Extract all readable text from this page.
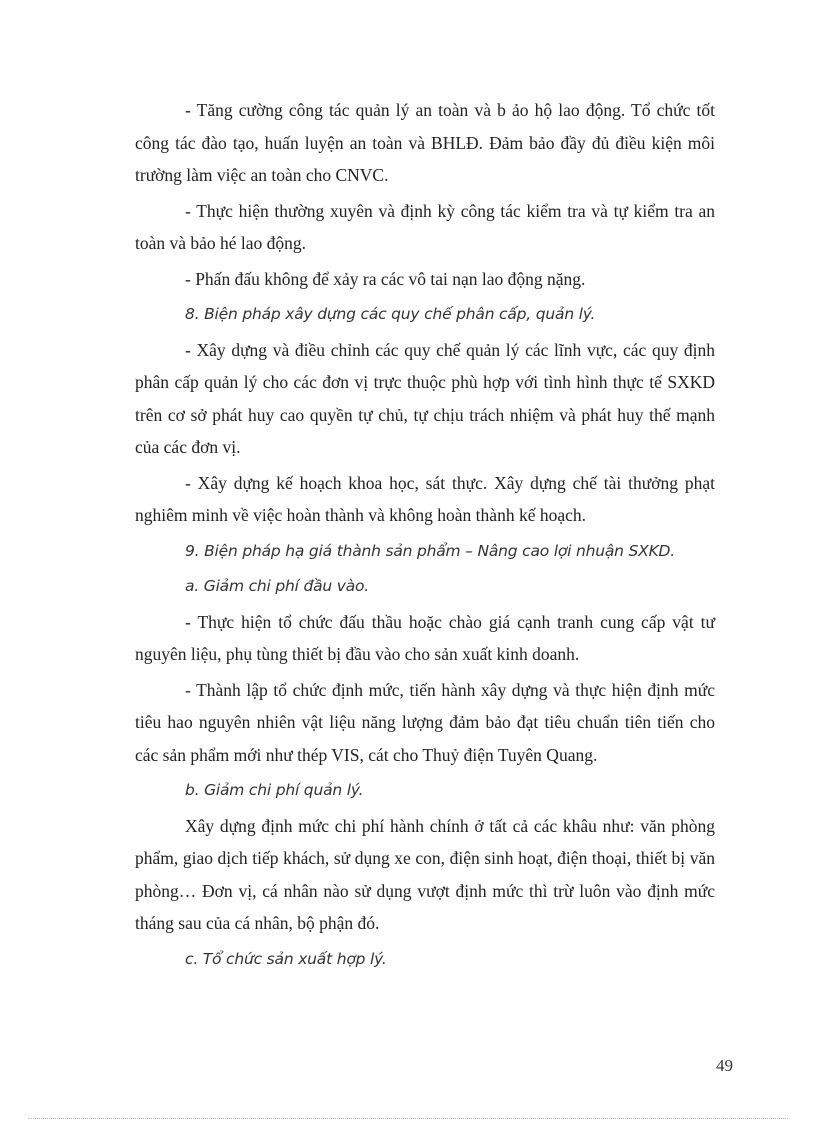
- Tăng cường công tác quản lý an toàn và b ảo hộ lao động. Tổ chức tốt công tác đào tạo, huấn luyện an toàn và BHLĐ. Đảm bảo đầy đủ điều kiện môi trường làm việc an toàn cho CNVC.

- Thực hiện thường xuyên và định kỳ công tác kiểm tra và tự kiểm tra an toàn và bảo hé lao động.

- Phấn đấu không để xảy ra các vô tai nạn lao động nặng.

8. Biện pháp xây dựng các quy chế phân cấp, quản lý.

- Xây dựng và điều chỉnh các quy chế quản lý các lĩnh vực, các quy định phân cấp quản lý cho các đơn vị trực thuộc phù hợp với tình hình thực tế SXKD trên cơ sở phát huy cao quyền tự chủ, tự chịu trách nhiệm và phát huy thế mạnh của các đơn vị.

- Xây dựng kế hoạch khoa học, sát thực. Xây dựng chế tài thưởng phạt nghiêm minh về việc hoàn thành và không hoàn thành kế hoạch.

9. Biện pháp hạ giá thành sản phẩm – Nâng cao lợi nhuận SXKD.

a. Giảm chi phí đầu vào.

- Thực hiện tổ chức đấu thầu hoặc chào giá cạnh tranh cung cấp vật tư nguyên liệu, phụ tùng thiết bị đầu vào cho sản xuất kinh doanh.

- Thành lập tổ chức định mức, tiến hành xây dựng và thực hiện định mức tiêu hao nguyên nhiên vật liệu năng lượng đảm bảo đạt tiêu chuẩn tiên tiến cho các sản phẩm mới như thép VIS, cát cho Thuỷ điện Tuyên Quang.

b. Giảm chi phí quản lý.

Xây dựng định mức chi phí hành chính ở tất cả các khâu như: văn phòng phẩm, giao dịch tiếp khách, sử dụng xe con, điện sinh hoạt, điện thoại, thiết bị văn phòng… Đơn vị, cá nhân nào sử dụng vượt định mức thì trừ luôn vào định mức tháng sau của cá nhân, bộ phận đó.

c. Tổ chức sản xuất hợp lý.

49
